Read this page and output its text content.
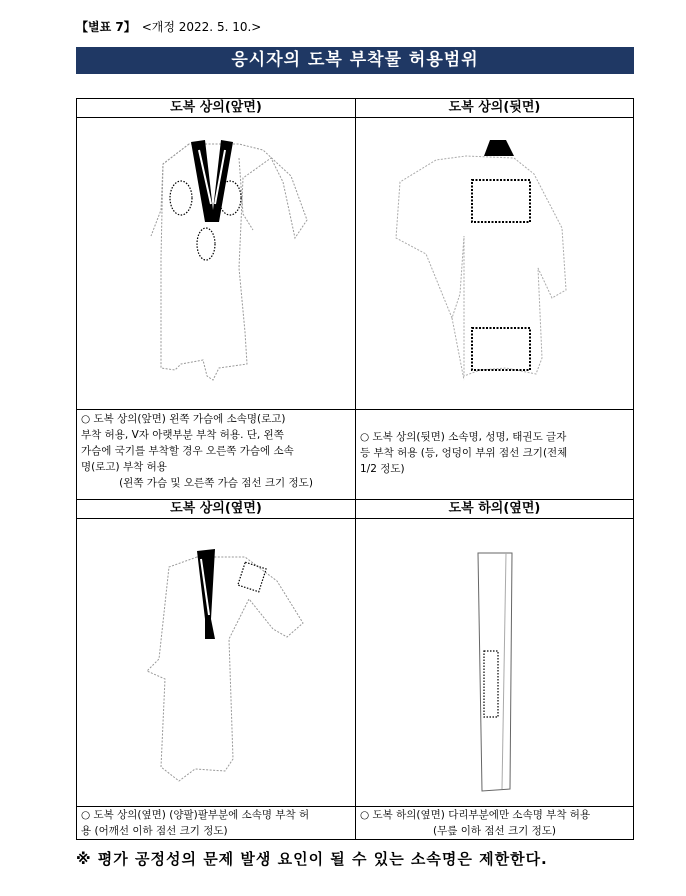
【별표 7】 <개정 2022. 5. 10.>
응시자의 도복 부착물 허용범위
도복 상의(앞면)	도복 상의(뒷면)
도복 상의(옆면)	도복 하의(옆면)
○ 도복 상의(앞면) 왼쪽 가슴에 소속명(로고)
부착 허용, V자 아랫부분 부착 허용. 단, 왼쪽
가슴에 국기를 부착할 경우 오른쪽 가슴에 소속
명(로고) 부착 허용
(왼쪽 가슴 및 오른쪽 가슴 점선 크기 정도)
○ 도복 상의(뒷면) 소속명, 성명, 태권도 글자
등 부착 허용 (등, 엉덩이 부위 점선 크기(전체
1/2 정도)
○ 도복 상의(옆면) (양팔)팔부분에 소속명 부착 허
용 (어깨선 이하 점선 크기 정도)
○ 도복 하의(옆면) 다리부분에만 소속명 부착 허용
(무릎 이하 점선 크기 정도)
※ 평가 공정성의 문제 발생 요인이 될 수 있는 소속명은 제한한다.
